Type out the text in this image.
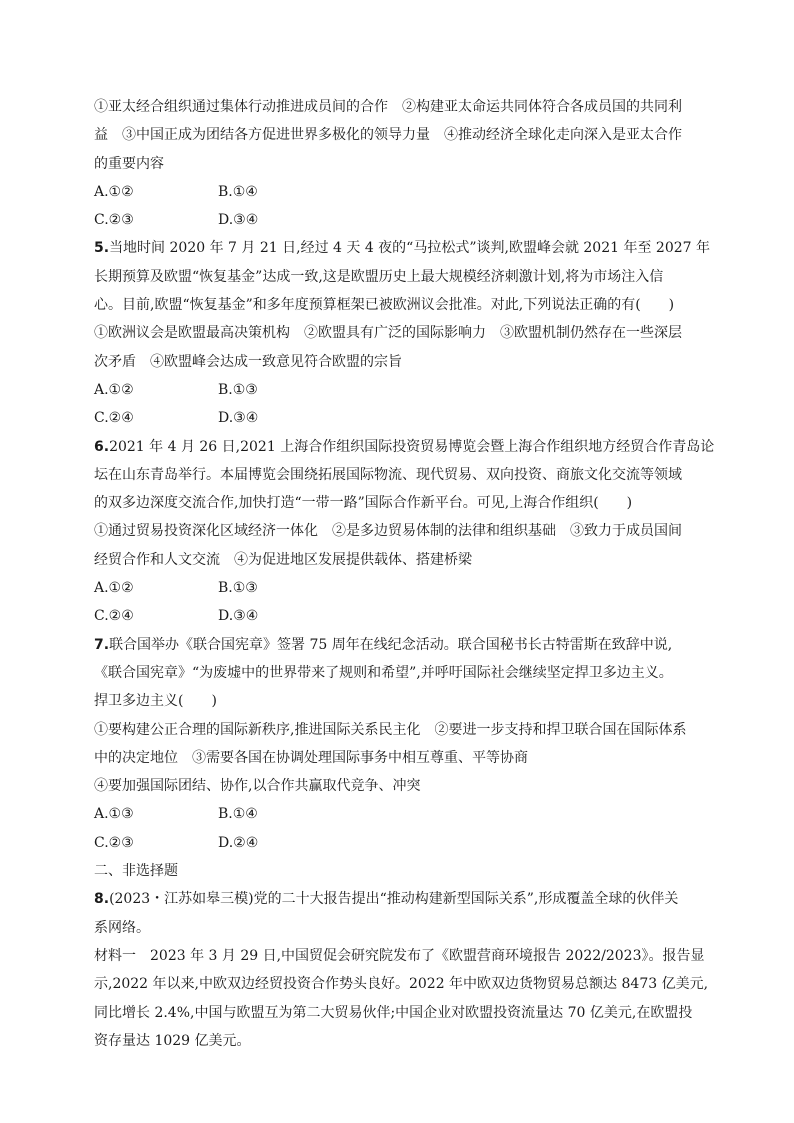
①亚太经合组织通过集体行动推进成员间的合作　②构建亚太命运共同体符合各成员国的共同利
益　③中国正成为团结各方促进世界多极化的领导力量　④推动经济全球化走向深入是亚太合作
的重要内容
A.①②	B.①④
C.②③	D.③④
5.当地时间 2020 年 7 月 21 日,经过 4 天 4 夜的“马拉松式”谈判,欧盟峰会就 2021 年至 2027 年
长期预算及欧盟“恢复基金”达成一致,这是欧盟历史上最大规模经济刺激计划,将为市场注入信
心。目前,欧盟“恢复基金”和多年度预算框架已被欧洲议会批准。对此,下列说法正确的有(　　)
①欧洲议会是欧盟最高决策机构　②欧盟具有广泛的国际影响力　③欧盟机制仍然存在一些深层
次矛盾　④欧盟峰会达成一致意见符合欧盟的宗旨
A.①②	B.①③
C.②④	D.③④
6.2021 年 4 月 26 日,2021 上海合作组织国际投资贸易博览会暨上海合作组织地方经贸合作青岛论
坛在山东青岛举行。本届博览会围绕拓展国际物流、现代贸易、双向投资、商旅文化交流等领域
的双多边深度交流合作,加快打造“一带一路”国际合作新平台。可见,上海合作组织(　　)
①通过贸易投资深化区域经济一体化　②是多边贸易体制的法律和组织基础　③致力于成员国间
经贸合作和人文交流　④为促进地区发展提供载体、搭建桥梁
A.①②	B.①③
C.②④	D.③④
7.联合国举办《联合国宪章》签署 75 周年在线纪念活动。联合国秘书长古特雷斯在致辞中说,
《联合国宪章》“为废墟中的世界带来了规则和希望”,并呼吁国际社会继续坚定捍卫多边主义。
捍卫多边主义(　　)
①要构建公正合理的国际新秩序,推进国际关系民主化　②要进一步支持和捍卫联合国在国际体系
中的决定地位　③需要各国在协调处理国际事务中相互尊重、平等协商
④要加强国际团结、协作,以合作共赢取代竞争、冲突
A.①③	B.①④
C.②③	D.②④
二、非选择题
8.(2023・江苏如皋三模)党的二十大报告提出“推动构建新型国际关系”,形成覆盖全球的伙伴关
系网络。
材料一　2023 年 3 月 29 日,中国贸促会研究院发布了《欧盟营商环境报告 2022/2023》。报告显
示,2022 年以来,中欧双边经贸投资合作势头良好。2022 年中欧双边货物贸易总额达 8473 亿美元,
同比增长 2.4%,中国与欧盟互为第二大贸易伙伴;中国企业对欧盟投资流量达 70 亿美元,在欧盟投
资存量达 1029 亿美元。
